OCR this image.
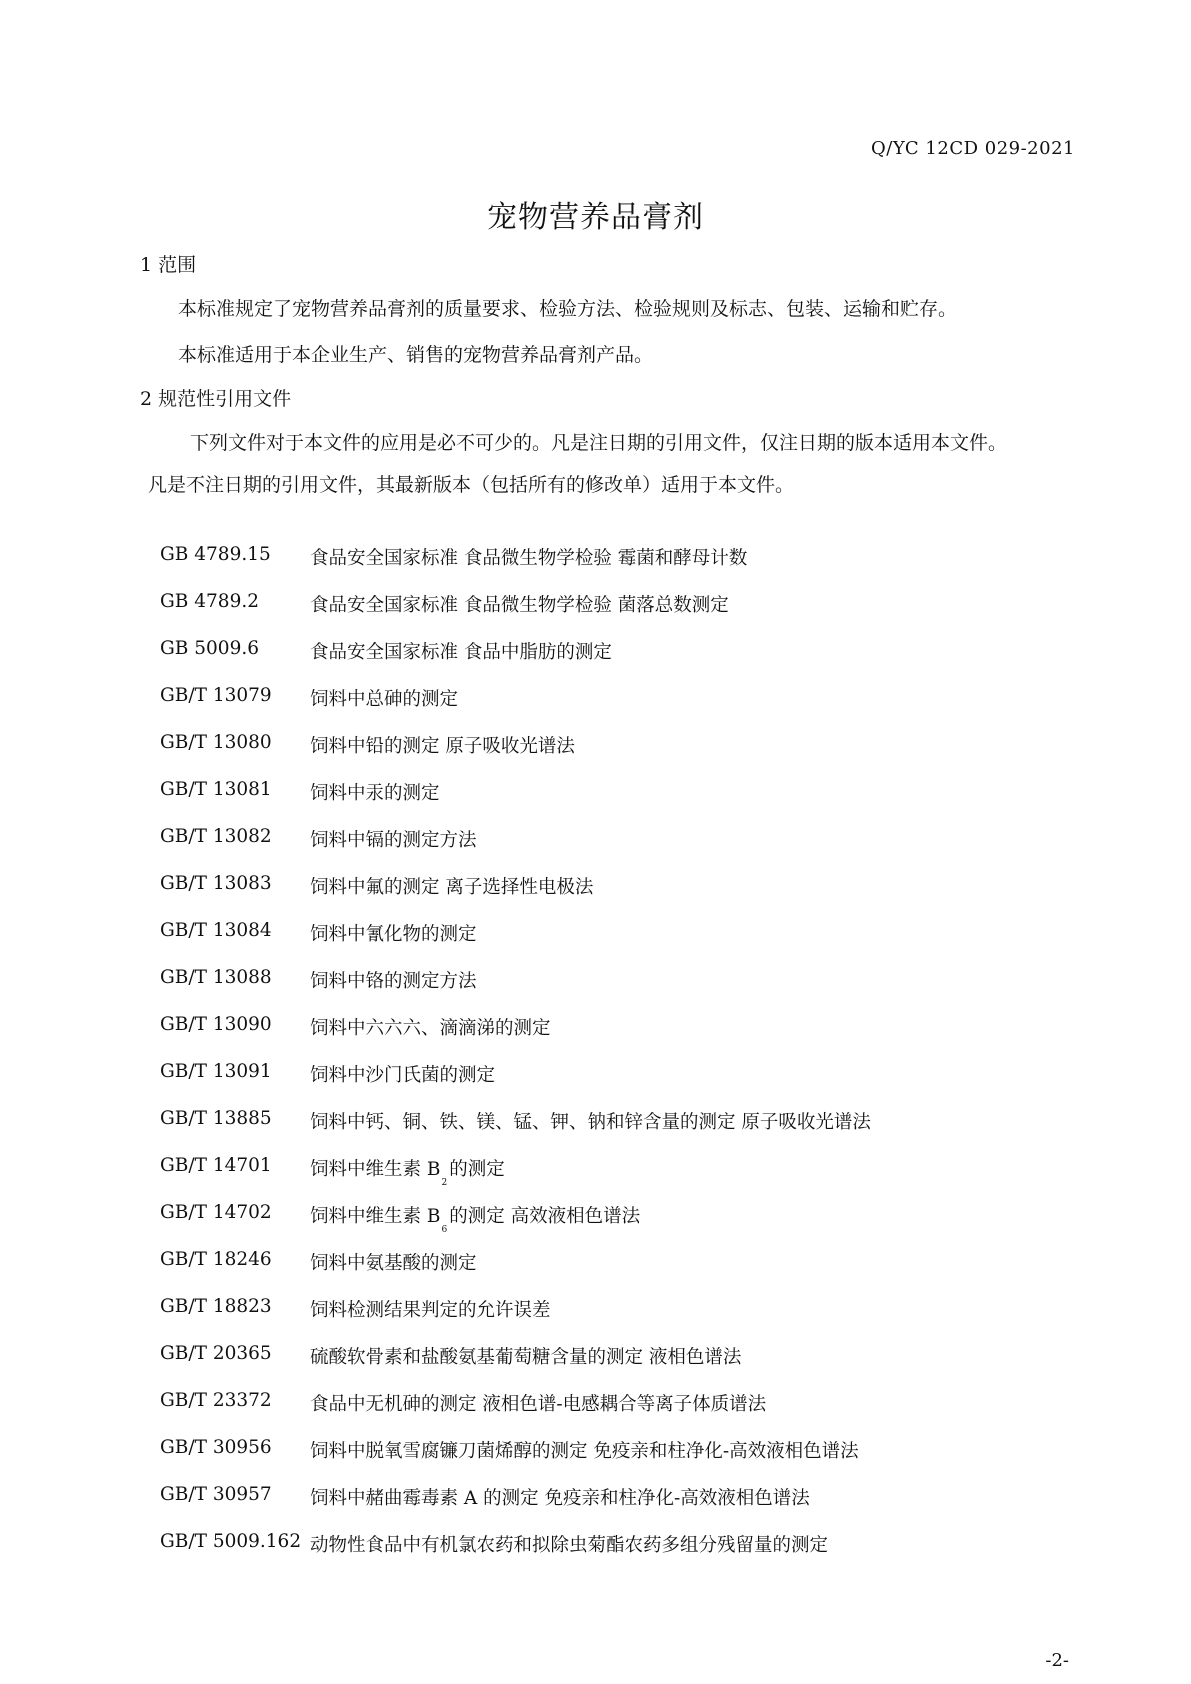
Q/YC 12CD 029-2021
宠物营养品膏剂
1 范围
本标准规定了宠物营养品膏剂的质量要求、检验方法、检验规则及标志、包装、运输和贮存。
本标准适用于本企业生产、销售的宠物营养品膏剂产品。
2 规范性引用文件
下列文件对于本文件的应用是必不可少的。凡是注日期的引用文件，仅注日期的版本适用本文件。
凡是不注日期的引用文件，其最新版本（包括所有的修改单）适用于本文件。
GB 4789.15	食品安全国家标准 食品微生物学检验 霉菌和酵母计数
GB 4789.2	食品安全国家标准 食品微生物学检验 菌落总数测定
GB 5009.6	食品安全国家标准 食品中脂肪的测定
GB/T 13079	饲料中总砷的测定
GB/T 13080	饲料中铅的测定 原子吸收光谱法
GB/T 13081	饲料中汞的测定
GB/T 13082	饲料中镉的测定方法
GB/T 13083	饲料中氟的测定 离子选择性电极法
GB/T 13084	饲料中氰化物的测定
GB/T 13088	饲料中铬的测定方法
GB/T 13090	饲料中六六六、滴滴涕的测定
GB/T 13091	饲料中沙门氏菌的测定
GB/T 13885	饲料中钙、铜、铁、镁、锰、钾、钠和锌含量的测定 原子吸收光谱法
GB/T 14701	饲料中维生素 $B_2$的测定
GB/T 14702	饲料中维生素 $B_6$的测定 高效液相色谱法
GB/T 18246	饲料中氨基酸的测定
GB/T 18823	饲料检测结果判定的允许误差
GB/T 20365	硫酸软骨素和盐酸氨基葡萄糖含量的测定 液相色谱法
GB/T 23372	食品中无机砷的测定 液相色谱-电感耦合等离子体质谱法
GB/T 30956	饲料中脱氧雪腐镰刀菌烯醇的测定 免疫亲和柱净化-高效液相色谱法
GB/T 30957	饲料中赭曲霉毒素 A 的测定 免疫亲和柱净化-高效液相色谱法
GB/T 5009.162 动物性食品中有机氯农药和拟除虫菊酯农药多组分残留量的测定
-2-
